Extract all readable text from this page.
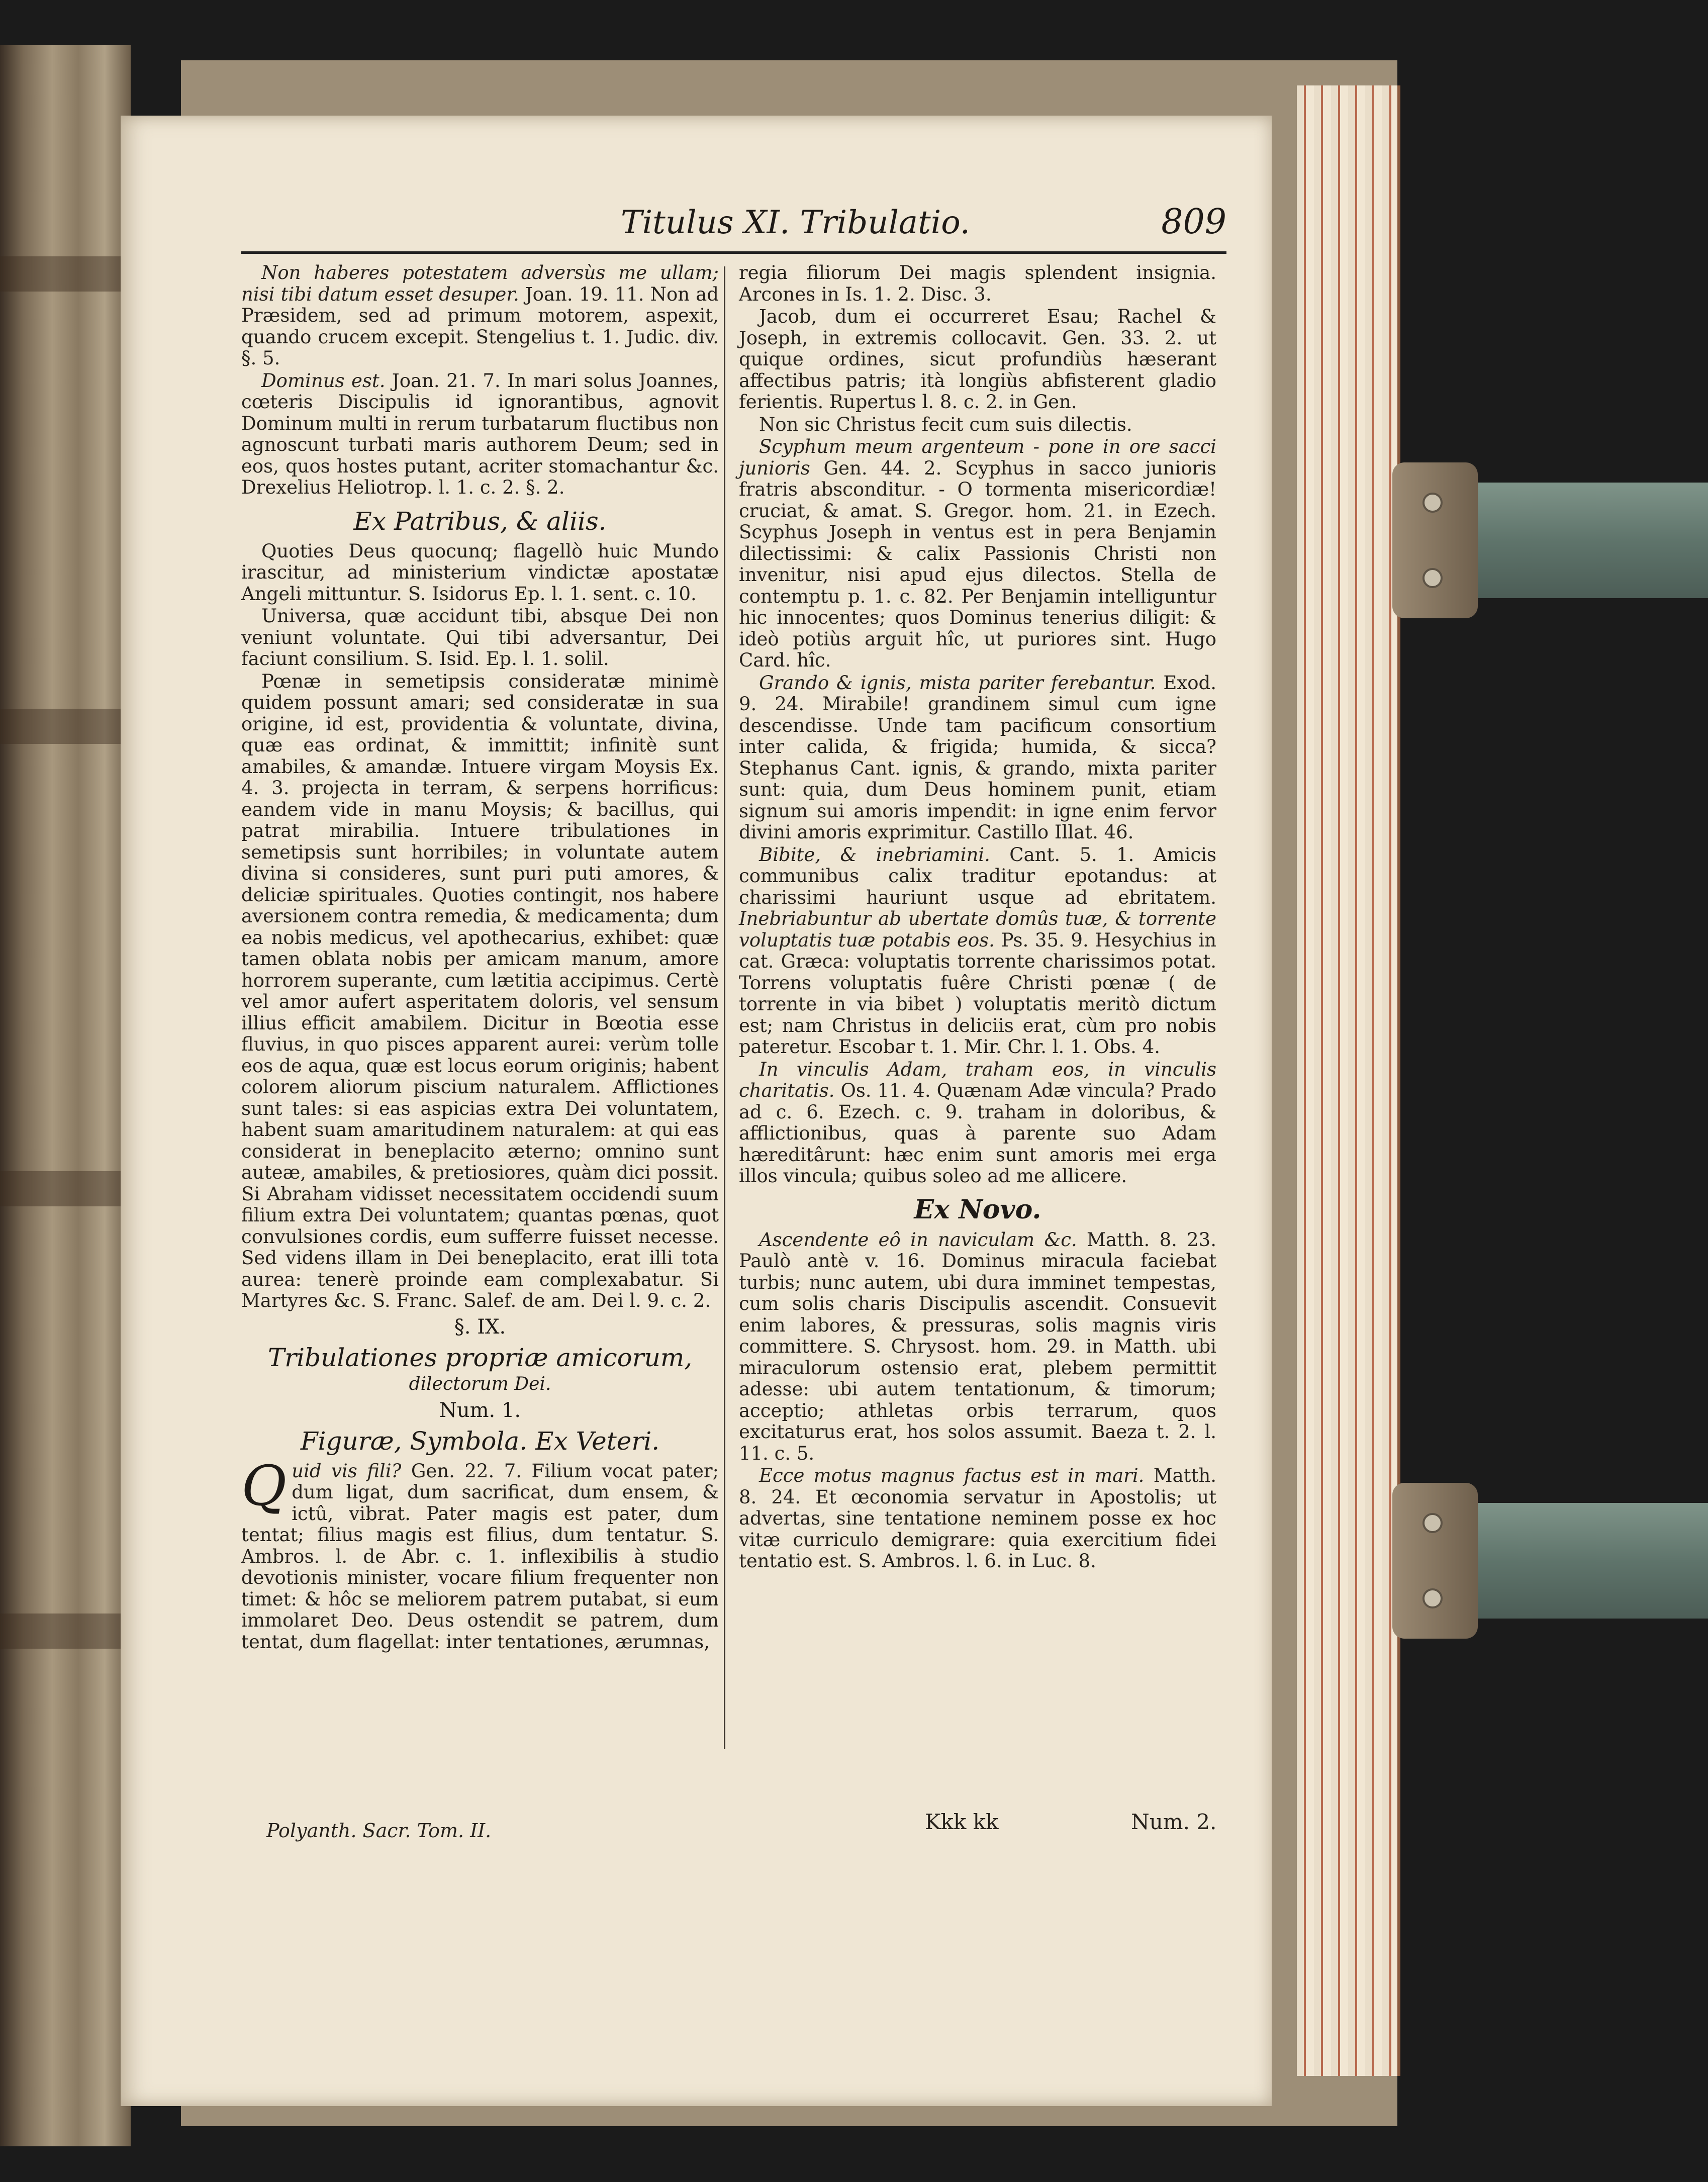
Titulus XI. Tribulatio.	809

Non haberes potestatem adversùs me ullam; nisi tibi datum esset desuper. Joan. 19. 11. Non ad Præsidem, sed ad primum motorem, aspexit, quando crucem excepit. Stengelius t. 1. Judic. div. §. 5.

Dominus est. Joan. 21. 7. In mari solus Joannes, cœteris Discipulis id ignorantibus, agnovit Dominum multi in rerum turbatarum fluctibus non agnoscunt turbati maris authorem Deum; sed in eos, quos hostes putant, acriter stomachantur &c. Drexelius Heliotrop. l. 1. c. 2. §. 2.

Ex Patribus, & aliis.

Quoties Deus quocunq; flagellò huic Mundo irascitur, ad ministerium vindictæ apostatæ Angeli mittuntur. S. Isidorus Ep. l. 1. sent. c. 10.

Universa, quæ accidunt tibi, absque Dei non veniunt voluntate. Qui tibi adversantur, Dei faciunt consilium. S. Isid. Ep. l. 1. solil.

Pœnæ in semetipsis consideratæ minimè quidem possunt amari; sed consideratæ in sua origine, id est, providentia & voluntate, divina, quæ eas ordinat, & immittit; infinitè sunt amabiles, & amandæ. Intuere virgam Moysis Ex. 4. 3. projecta in terram, & serpens horrificus: eandem vide in manu Moysis; & bacillus, qui patrat mirabilia. Intuere tribulationes in semetipsis sunt horribiles; in voluntate autem divina si consideres, sunt puri puti amores, & deliciæ spirituales. Quoties contingit, nos habere aversionem contra remedia, & medicamenta; dum ea nobis medicus, vel apothecarius, exhibet: quæ tamen oblata nobis per amicam manum, amore horrorem superante, cum lætitia accipimus. Certè vel amor aufert asperitatem doloris, vel sensum illius efficit amabilem. Dicitur in Bœotia esse fluvius, in quo pisces apparent aurei: verùm tolle eos de aqua, quæ est locus eorum originis; habent colorem aliorum piscium naturalem. Afflictiones sunt tales: si eas aspicias extra Dei voluntatem, habent suam amaritudinem naturalem: at qui eas considerat in beneplacito æterno; omnino sunt auteæ, amabiles, & pretiosiores, quàm dici possit. Si Abraham vidisset necessitatem occidendi suum filium extra Dei voluntatem; quantas pœnas, quot convulsiones cordis, eum sufferre fuisset necesse. Sed videns illam in Dei beneplacito, erat illi tota aurea: tenerè proinde eam complexabatur. Si Martyres &c. S. Franc. Salef. de am. Dei l. 9. c. 2.

§. IX.
Tribulationes propriæ amicorum,
dilectorum Dei.
Num. 1.
Figuræ, Symbola. Ex Veteri.

Q uid vis fili? Gen. 22. 7. Filium vocat pater; dum ligat, dum sacrificat, dum ensem, & ictû, vibrat. Pater magis est pater, dum tentat; filius magis est filius, dum tentatur. S. Ambros. l. de Abr. c. 1. inflexibilis à studio devotionis minister, vocare filium frequenter non timet: & hôc se meliorem patrem putabat, si eum immolaret Deo. Deus ostendit se patrem, dum tentat, dum flagellat: inter tentationes, ærumnas,

regia filiorum Dei magis splendent insignia. Arcones in Is. 1. 2. Disc. 3.

Jacob, dum ei occurreret Esau; Rachel & Joseph, in extremis collocavit. Gen. 33. 2. ut quique ordines, sicut profundiùs hæserant affectibus patris; ità longiùs abfisterent gladio ferientis. Rupertus l. 8. c. 2. in Gen.

Non sic Christus fecit cum suis dilectis.

Scyphum meum argenteum - pone in ore sacci junioris Gen. 44. 2. Scyphus in sacco junioris fratris absconditur. - O tormenta misericordiæ! cruciat, & amat. S. Gregor. hom. 21. in Ezech. Scyphus Joseph in ventus est in pera Benjamin dilectissimi: & calix Passionis Christi non invenitur, nisi apud ejus dilectos. Stella de contemptu p. 1. c. 82. Per Benjamin intelliguntur hic innocentes; quos Dominus tenerius diligit: & ideò potiùs arguit hîc, ut puriores sint. Hugo Card. hîc.

Grando & ignis, mista pariter ferebantur. Exod. 9. 24. Mirabile! grandinem simul cum igne descendisse. Unde tam pacificum consortium inter calida, & frigida; humida, & sicca? Stephanus Cant. ignis, & grando, mixta pariter sunt: quia, dum Deus hominem punit, etiam signum sui amoris impendit: in igne enim fervor divini amoris exprimitur. Castillo Illat. 46.

Bibite, & inebriamini. Cant. 5. 1. Amicis communibus calix traditur epotandus: at charissimi hauriunt usque ad ebritatem. Inebriabuntur ab ubertate domûs tuæ, & torrente voluptatis tuæ potabis eos. Ps. 35. 9. Hesychius in cat. Græca: voluptatis torrente charissimos potat. Torrens voluptatis fuêre Christi pœnæ ( de torrente in via bibet ) voluptatis meritò dictum est; nam Christus in deliciis erat, cùm pro nobis pateretur. Escobar t. 1. Mir. Chr. l. 1. Obs. 4.

In vinculis Adam, traham eos, in vinculis charitatis. Os. 11. 4. Quænam Adæ vincula? Prado ad c. 6. Ezech. c. 9. traham in doloribus, & afflictionibus, quas à parente suo Adam hæreditârunt: hæc enim sunt amoris mei erga illos vincula; quibus soleo ad me allicere.

Ex Novo.

Ascendente eô in naviculam &c. Matth. 8. 23. Paulò antè v. 16. Dominus miracula faciebat turbis; nunc autem, ubi dura imminet tempestas, cum solis charis Discipulis ascendit. Consuevit enim labores, & pressuras, solis magnis viris committere. S. Chrysost. hom. 29. in Matth. ubi miraculorum ostensio erat, plebem permittit adesse: ubi autem tentationum, & timorum; acceptio; athletas orbis terrarum, quos excitaturus erat, hos solos assumit. Baeza t. 2. l. 11. c. 5.

Ecce motus magnus factus est in mari. Matth. 8. 24. Et œconomia servatur in Apostolis; ut advertas, sine tentatione neminem posse ex hoc vitæ curriculo demigrare: quia exercitium fidei tentatio est. S. Ambros. l. 6. in Luc. 8.

Polyanth. Sacr. Tom. II.	Kkk kk	Num. 2.
